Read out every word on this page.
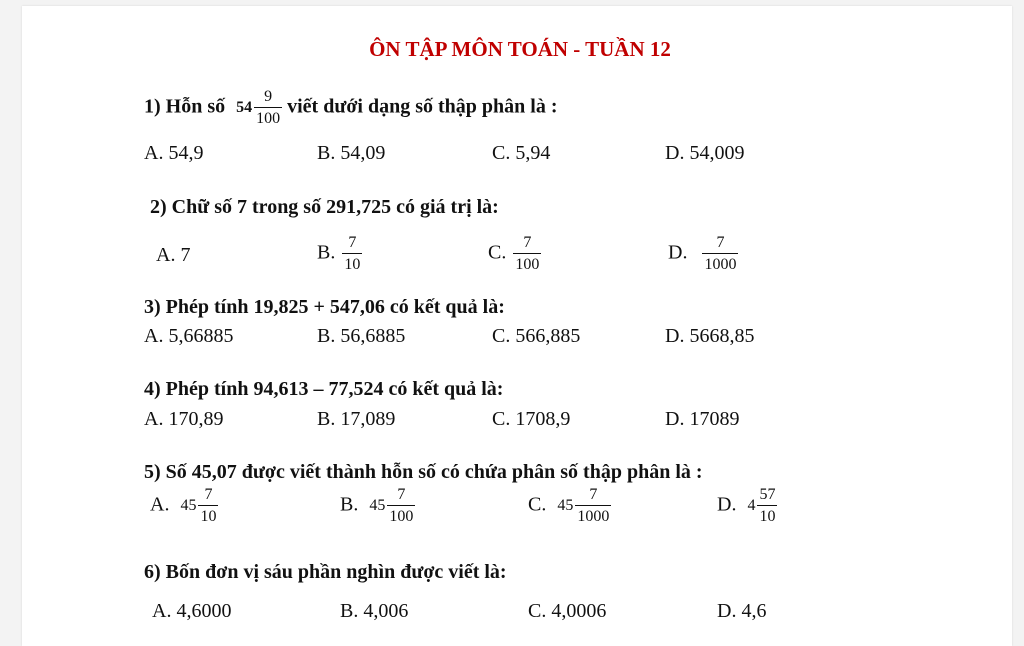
ÔN TẬP MÔN TOÁN - TUẦN 12
1) Hỗn số $54 \frac{9}{100}$ viết dưới dạng số thập phân là :
A. 54,9	B. 54,09	C. 5,94	D. 54,009
2) Chữ số 7 trong số 291,725 có giá trị là:
A. 7	B. $\frac{7}{10}$	C. $\frac{7}{100}$	D. $\frac{7}{1000}$
3) Phép tính 19,825 + 547,06 có kết quả là:
A. 5,66885	B. 56,6885	C. 566,885	D. 5668,85
4) Phép tính 94,613 – 77,524 có kết quả là:
A. 170,89	B. 17,089	C. 1708,9	D. 17089
5) Số 45,07 được viết thành hỗn số có chứa phân số thập phân là :
A. $45 \frac{7}{10}$	B. $45 \frac{7}{100}$	C. $45 \frac{7}{1000}$	D. $4 \frac{57}{10}$
6) Bốn đơn vị sáu phần nghìn được viết là:
A. 4,6000	B. 4,006	C. 4,0006	D. 4,6
